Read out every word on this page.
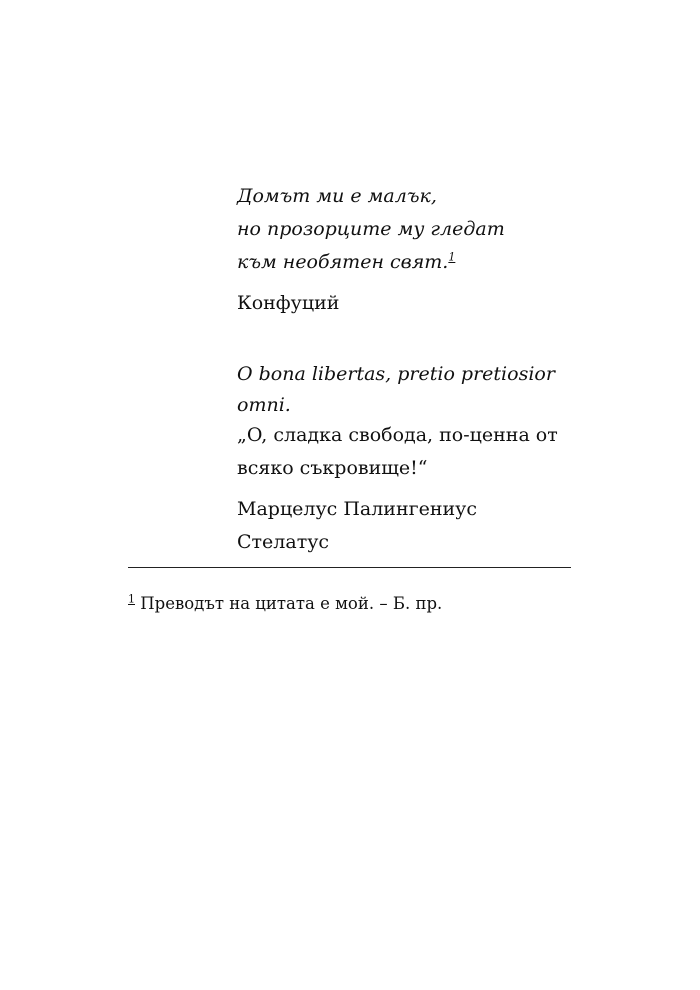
Домът ми е малък,
но прозорците му гледат
към необятен свят.$^1$
Конфуций
O bona libertas, pretio pretiosior
omni.
„O, сладка свобода, по-ценна от
всяко съкровище!“
Марцелус Палингениус
Стелатус
$^1$ Преводът на цитата е мой. – Б. пр.
